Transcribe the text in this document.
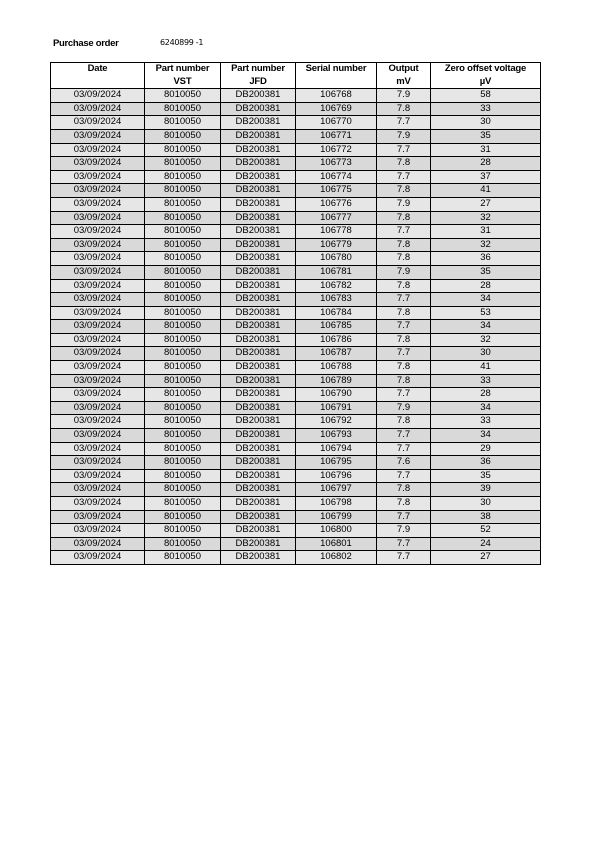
Purchase order	6240899 -1
Date	Part number	Part number	Serial number	Output	Zero offset voltage
	VST	JFD		mV	µV
03/09/2024	8010050	DB200381	106768	7.9	58
03/09/2024	8010050	DB200381	106769	7.8	33
03/09/2024	8010050	DB200381	106770	7.7	30
03/09/2024	8010050	DB200381	106771	7.9	35
03/09/2024	8010050	DB200381	106772	7.7	31
03/09/2024	8010050	DB200381	106773	7.8	28
03/09/2024	8010050	DB200381	106774	7.7	37
03/09/2024	8010050	DB200381	106775	7.8	41
03/09/2024	8010050	DB200381	106776	7.9	27
03/09/2024	8010050	DB200381	106777	7.8	32
03/09/2024	8010050	DB200381	106778	7.7	31
03/09/2024	8010050	DB200381	106779	7.8	32
03/09/2024	8010050	DB200381	106780	7.8	36
03/09/2024	8010050	DB200381	106781	7.9	35
03/09/2024	8010050	DB200381	106782	7.8	28
03/09/2024	8010050	DB200381	106783	7.7	34
03/09/2024	8010050	DB200381	106784	7.8	53
03/09/2024	8010050	DB200381	106785	7.7	34
03/09/2024	8010050	DB200381	106786	7.8	32
03/09/2024	8010050	DB200381	106787	7.7	30
03/09/2024	8010050	DB200381	106788	7.8	41
03/09/2024	8010050	DB200381	106789	7.8	33
03/09/2024	8010050	DB200381	106790	7.7	28
03/09/2024	8010050	DB200381	106791	7.9	34
03/09/2024	8010050	DB200381	106792	7.8	33
03/09/2024	8010050	DB200381	106793	7.7	34
03/09/2024	8010050	DB200381	106794	7.7	29
03/09/2024	8010050	DB200381	106795	7.6	36
03/09/2024	8010050	DB200381	106796	7.7	35
03/09/2024	8010050	DB200381	106797	7.8	39
03/09/2024	8010050	DB200381	106798	7.8	30
03/09/2024	8010050	DB200381	106799	7.7	38
03/09/2024	8010050	DB200381	106800	7.9	52
03/09/2024	8010050	DB200381	106801	7.7	24
03/09/2024	8010050	DB200381	106802	7.7	27
